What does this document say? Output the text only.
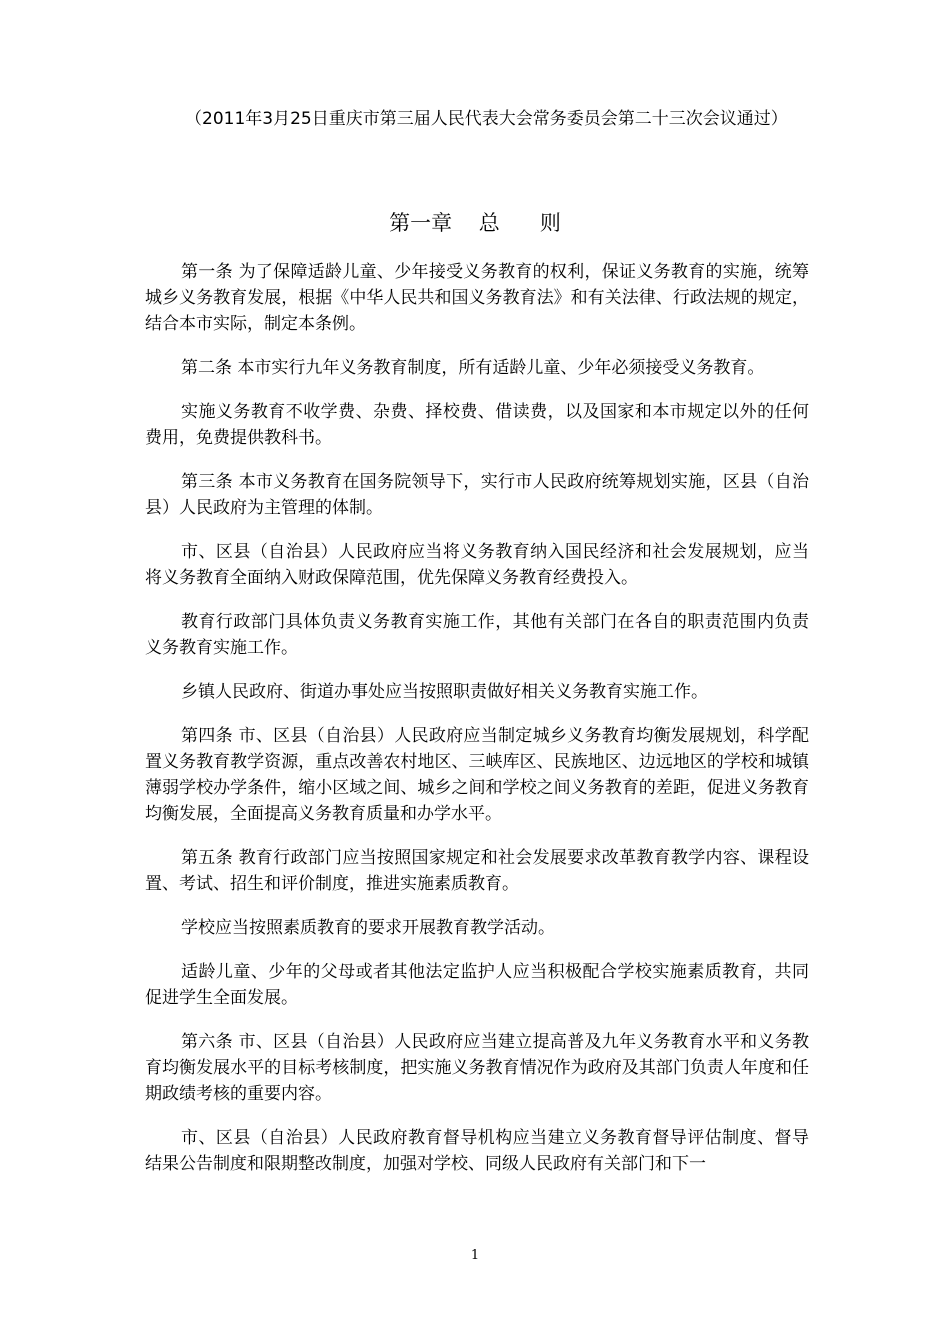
（2011年3月25日重庆市第三届人民代表大会常务委员会第二十三次会议通过）
第一章    总      则

第一条 为了保障适龄儿童、少年接受义务教育的权利，保证义务教育的实施，统筹城乡义务教育发展，根据《中华人民共和国义务教育法》和有关法律、行政法规的规定，结合本市实际，制定本条例。

第二条 本市实行九年义务教育制度，所有适龄儿童、少年必须接受义务教育。

实施义务教育不收学费、杂费、择校费、借读费，以及国家和本市规定以外的任何费用，免费提供教科书。

第三条 本市义务教育在国务院领导下，实行市人民政府统筹规划实施，区县（自治县）人民政府为主管理的体制。

市、区县（自治县）人民政府应当将义务教育纳入国民经济和社会发展规划，应当将义务教育全面纳入财政保障范围，优先保障义务教育经费投入。

教育行政部门具体负责义务教育实施工作，其他有关部门在各自的职责范围内负责义务教育实施工作。

乡镇人民政府、街道办事处应当按照职责做好相关义务教育实施工作。

第四条 市、区县（自治县）人民政府应当制定城乡义务教育均衡发展规划，科学配置义务教育教学资源，重点改善农村地区、三峡库区、民族地区、边远地区的学校和城镇薄弱学校办学条件，缩小区域之间、城乡之间和学校之间义务教育的差距，促进义务教育均衡发展，全面提高义务教育质量和办学水平。

第五条 教育行政部门应当按照国家规定和社会发展要求改革教育教学内容、课程设置、考试、招生和评价制度，推进实施素质教育。

学校应当按照素质教育的要求开展教育教学活动。

适龄儿童、少年的父母或者其他法定监护人应当积极配合学校实施素质教育，共同促进学生全面发展。

第六条 市、区县（自治县）人民政府应当建立提高普及九年义务教育水平和义务教育均衡发展水平的目标考核制度，把实施义务教育情况作为政府及其部门负责人年度和任期政绩考核的重要内容。

市、区县（自治县）人民政府教育督导机构应当建立义务教育督导评估制度、督导结果公告制度和限期整改制度，加强对学校、同级人民政府有关部门和下一

1
